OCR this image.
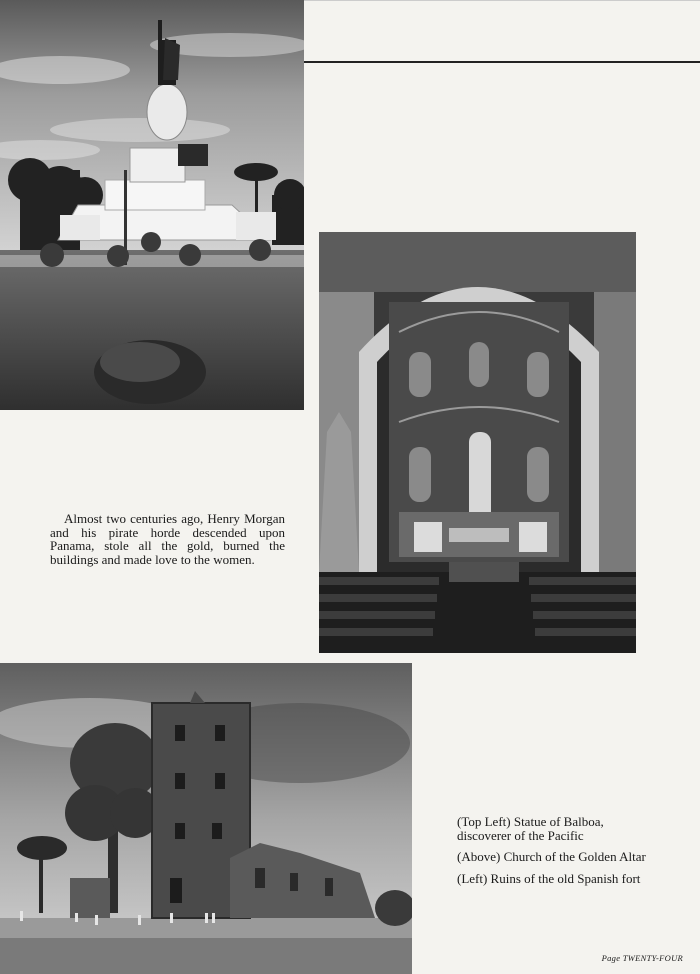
Almost two centuries ago, Henry Morgan and his pirate horde descended upon Panama, stole all the gold, burned the buildings and made love to the women.

(Top Left) Statue of Balboa, discoverer of the Pacific

(Above) Church of the Golden Altar

(Left) Ruins of the old Spanish fort

Page TWENTY-FOUR
